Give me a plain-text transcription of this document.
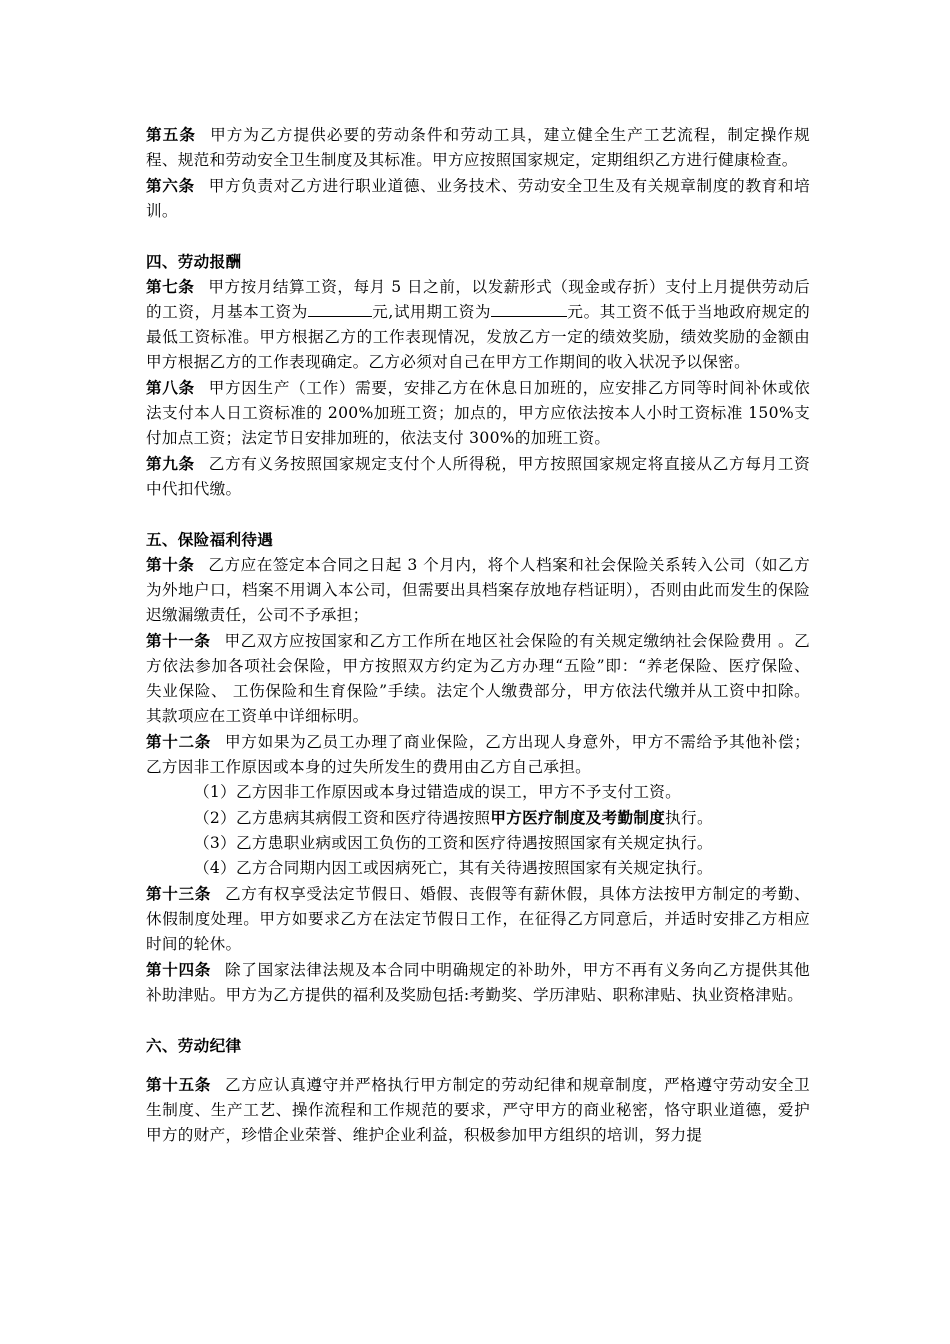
第五条 甲方为乙方提供必要的劳动条件和劳动工具，建立健全生产工艺流程，制定操作规程、规范和劳动安全卫生制度及其标准。甲方应按照国家规定，定期组织乙方进行健康检查。

第六条 甲方负责对乙方进行职业道德、业务技术、劳动安全卫生及有关规章制度的教育和培训。

四、劳动报酬

第七条 甲方按月结算工资，每月 5 日之前，以发薪形式（现金或存折）支付上月提供劳动后的工资，月基本工资为	元,试用期工资为	元。其工资不低于当地政府规定的最低工资标准。甲方根据乙方的工作表现情况，发放乙方一定的绩效奖励，绩效奖励的金额由甲方根据乙方的工作表现确定。乙方必须对自己在甲方工作期间的收入状况予以保密。

第八条 甲方因生产（工作）需要，安排乙方在休息日加班的，应安排乙方同等时间补休或依法支付本人日工资标准的 200%加班工资；加点的，甲方应依法按本人小时工资标准 150%支付加点工资；法定节日安排加班的，依法支付 300%的加班工资。

第九条 乙方有义务按照国家规定支付个人所得税，甲方按照国家规定将直接从乙方每月工资中代扣代缴。

五、保险福利待遇

第十条 乙方应在签定本合同之日起 3 个月内，将个人档案和社会保险关系转入公司（如乙方为外地户口，档案不用调入本公司，但需要出具档案存放地存档证明），否则由此而发生的保险迟缴漏缴责任，公司不予承担；

第十一条 甲乙双方应按国家和乙方工作所在地区社会保险的有关规定缴纳社会保险费用 。乙方依法参加各项社会保险，甲方按照双方约定为乙方办理“五险”即：“养老保险、医疗保险、 失业保险、 工伤保险和生育保险”手续。法定个人缴费部分，甲方依法代缴并从工资中扣除。其款项应在工资单中详细标明。

第十二条 甲方如果为乙员工办理了商业保险，乙方出现人身意外，甲方不需给予其他补偿； 乙方因非工作原因或本身的过失所发生的费用由乙方自己承担。

（1）乙方因非工作原因或本身过错造成的误工，甲方不予支付工资。

（2）乙方患病其病假工资和医疗待遇按照甲方医疗制度及考勤制度执行。

（3）乙方患职业病或因工负伤的工资和医疗待遇按照国家有关规定执行。

（4）乙方合同期内因工或因病死亡，其有关待遇按照国家有关规定执行。

第十三条 乙方有权享受法定节假日、婚假、丧假等有薪休假，具体方法按甲方制定的考勤、休假制度处理。甲方如要求乙方在法定节假日工作，在征得乙方同意后，并适时安排乙方相应时间的轮休。

第十四条 除了国家法律法规及本合同中明确规定的补助外，甲方不再有义务向乙方提供其他补助津贴。甲方为乙方提供的福利及奖励包括:考勤奖、学历津贴、职称津贴、执业资格津贴。

六、劳动纪律

第十五条 乙方应认真遵守并严格执行甲方制定的劳动纪律和规章制度，严格遵守劳动安全卫生制度、生产工艺、操作流程和工作规范的要求，严守甲方的商业秘密，恪守职业道德，爱护甲方的财产，珍惜企业荣誉、维护企业利益，积极参加甲方组织的培训，努力提
